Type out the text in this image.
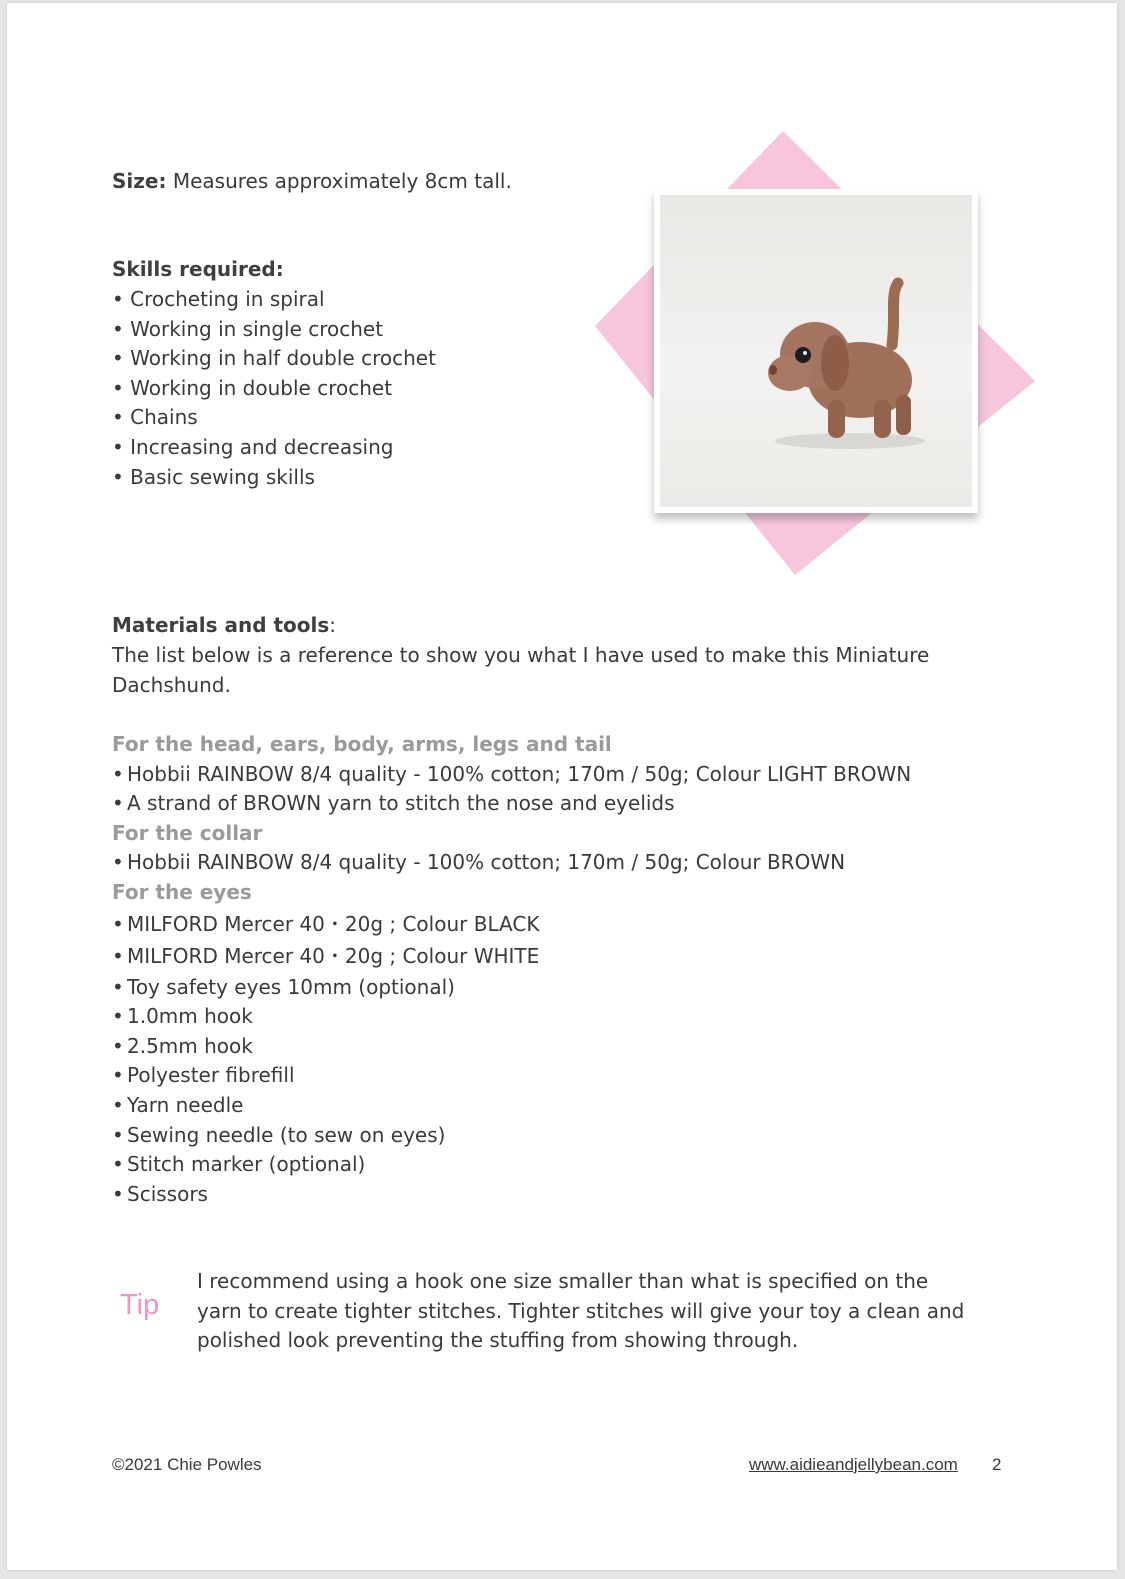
Size: Measures approximately 8cm tall.
Skills required:
• Crocheting in spiral
• Working in single crochet
• Working in half double crochet
• Working in double crochet
• Chains
• Increasing and decreasing
• Basic sewing skills
Materials and tools:
The list below is a reference to show you what I have used to make this Miniature Dachshund.
For the head, ears, body, arms, legs and tail
• Hobbii RAINBOW 8/4 quality - 100% cotton; 170m / 50g; Colour LIGHT BROWN
• A strand of BROWN yarn to stitch the nose and eyelids
For the collar
• Hobbii RAINBOW 8/4 quality - 100% cotton; 170m / 50g; Colour BROWN
For the eyes
• MILFORD Mercer 40・20g ; Colour BLACK
• MILFORD Mercer 40・20g ; Colour WHITE
• Toy safety eyes 10mm (optional)
• 1.0mm hook
• 2.5mm hook
• Polyester fibrefill
• Yarn needle
• Sewing needle (to sew on eyes)
• Stitch marker (optional)
• Scissors
Tip
I recommend using a hook one size smaller than what is specified on the yarn to create tighter stitches. Tighter stitches will give your toy a clean and polished look preventing the stuffing from showing through.
©2021 Chie Powles	www.aidieandjellybean.com 2
